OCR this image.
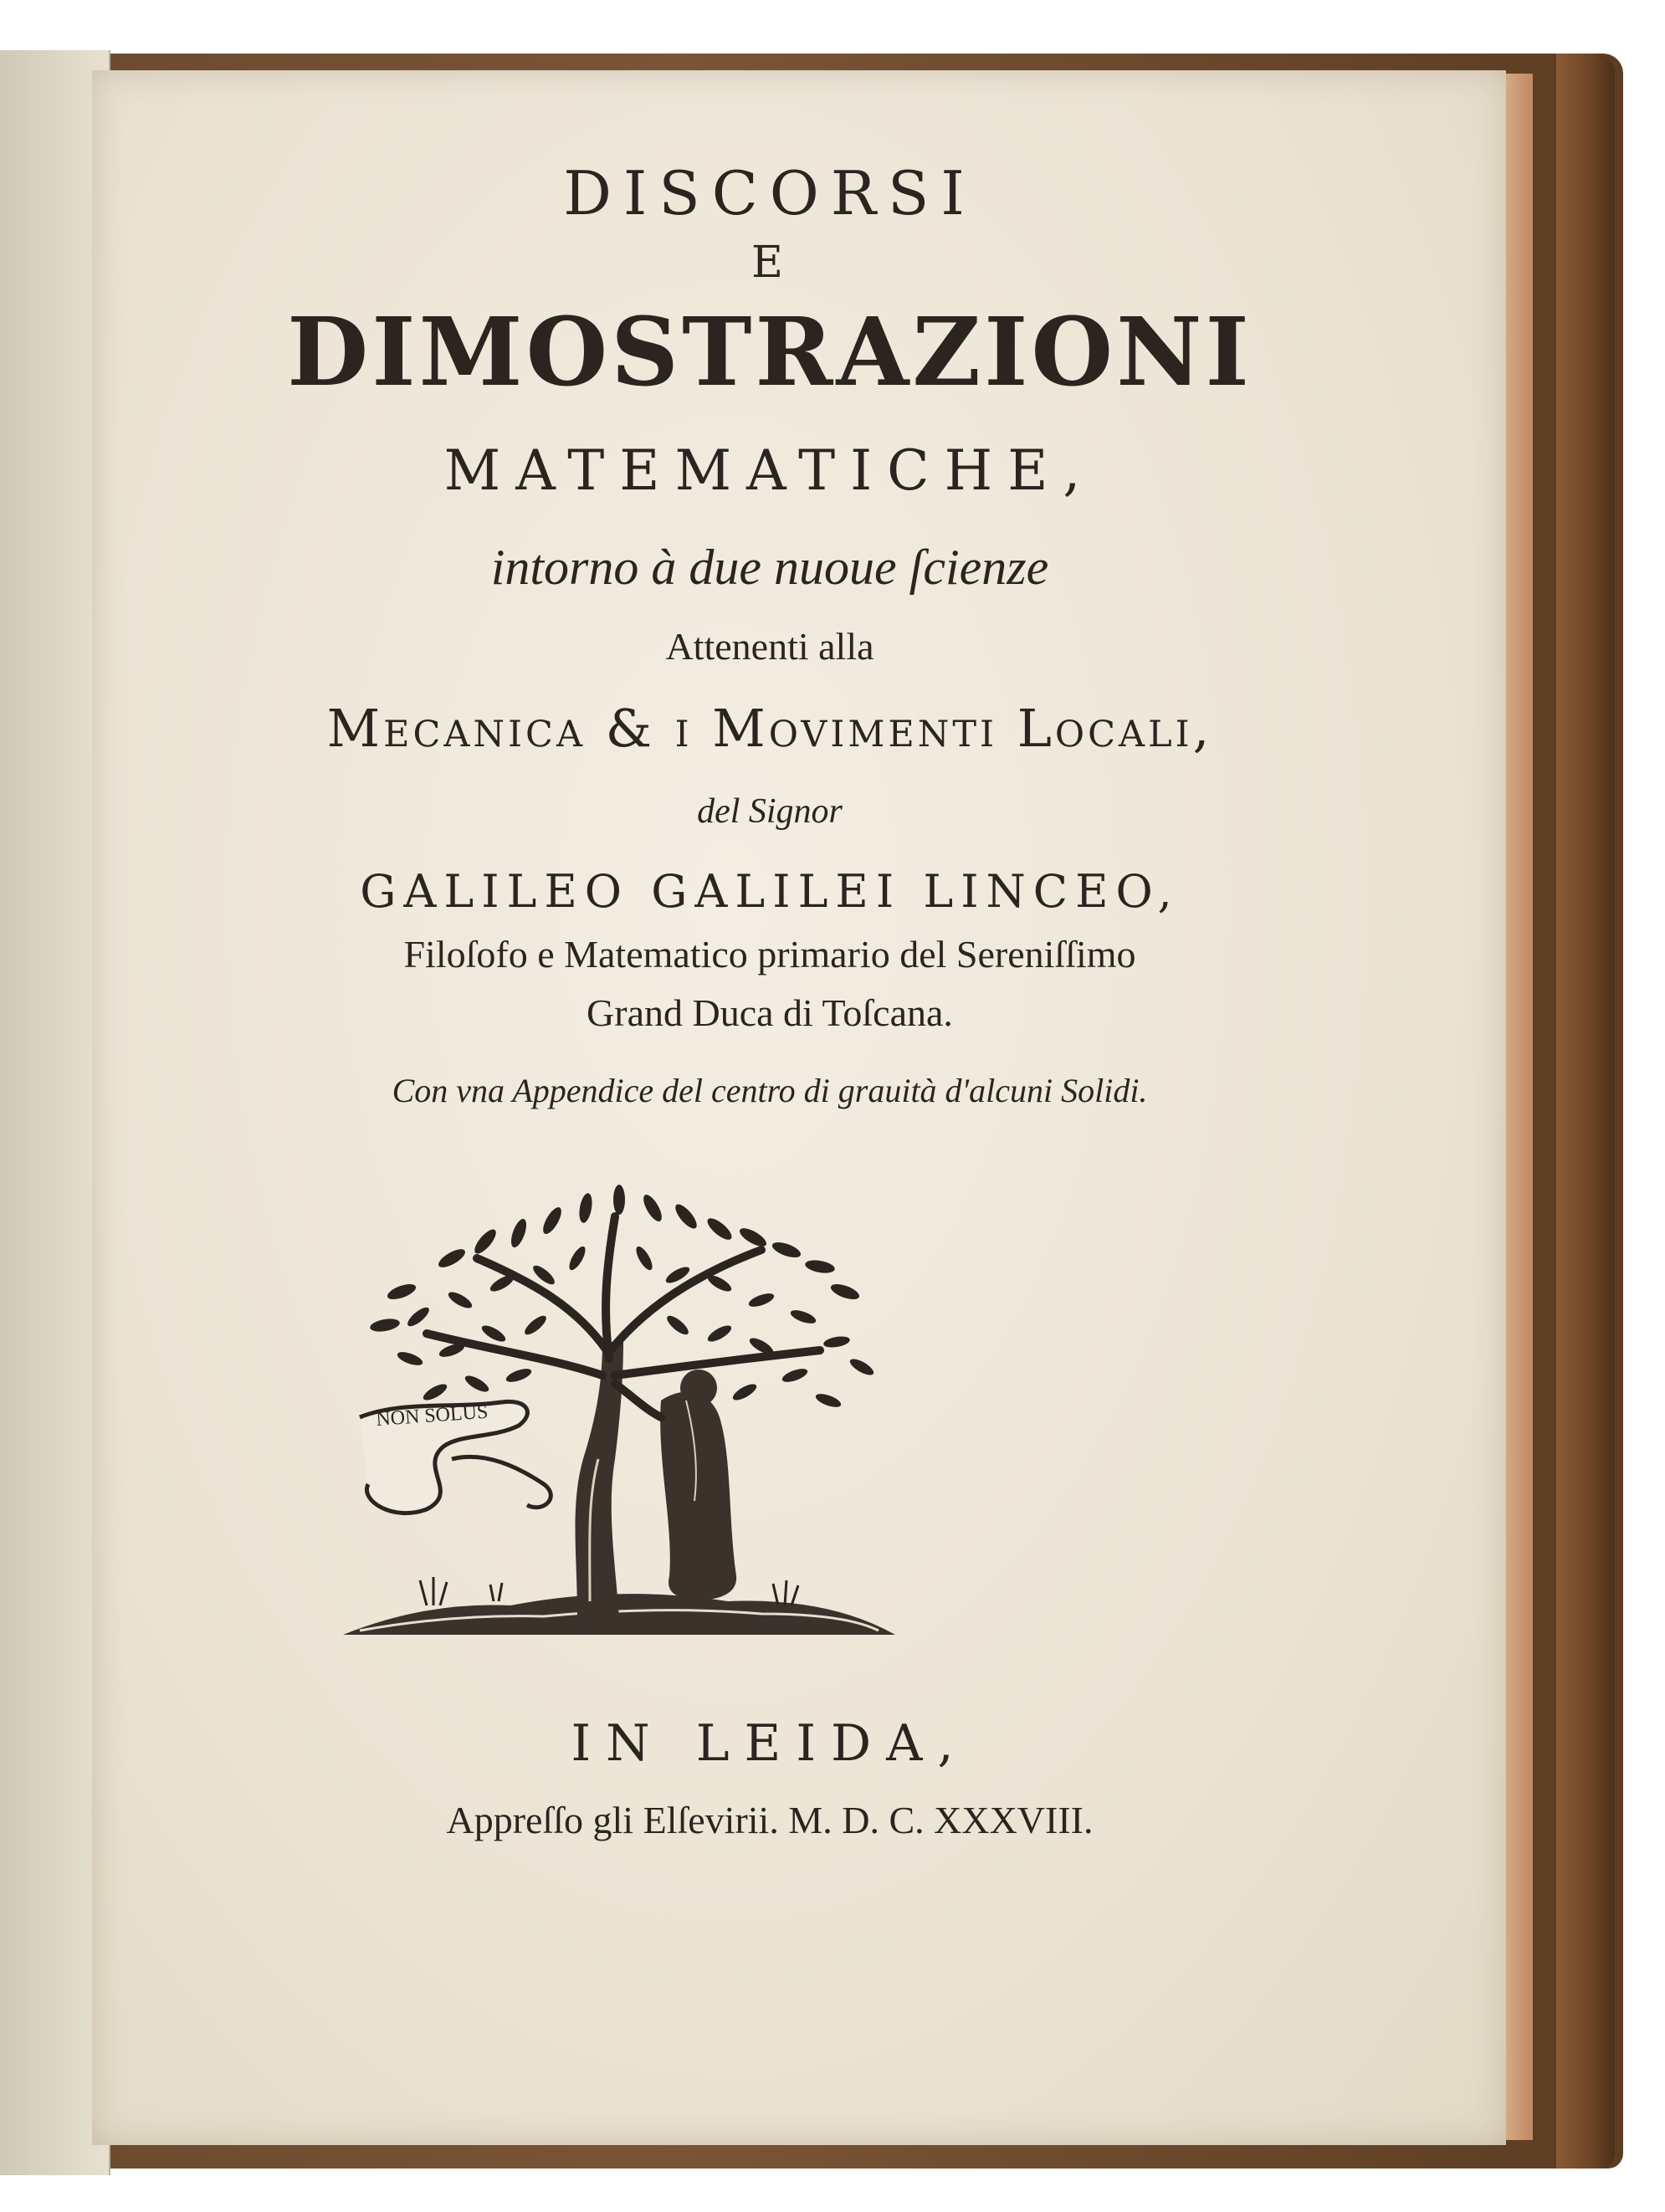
DISCORSI
E
DIMOSTRAZIONI
MATEMATICHE,
intorno à due nuoue ſcienze
Attenenti alla
Mecanica & i Movimenti Locali,
del Signor
GALILEO GALILEI LINCEO,
Filoſofo e Matematico primario del Sereniſſimo
Grand Duca di Toſcana.
Con vna Appendice del centro di grauità d'alcuni Solidi.
NON SOLUS
IN LEIDA,
Appreſſo gli Elſevirii. M. D. C. XXXVIII.
